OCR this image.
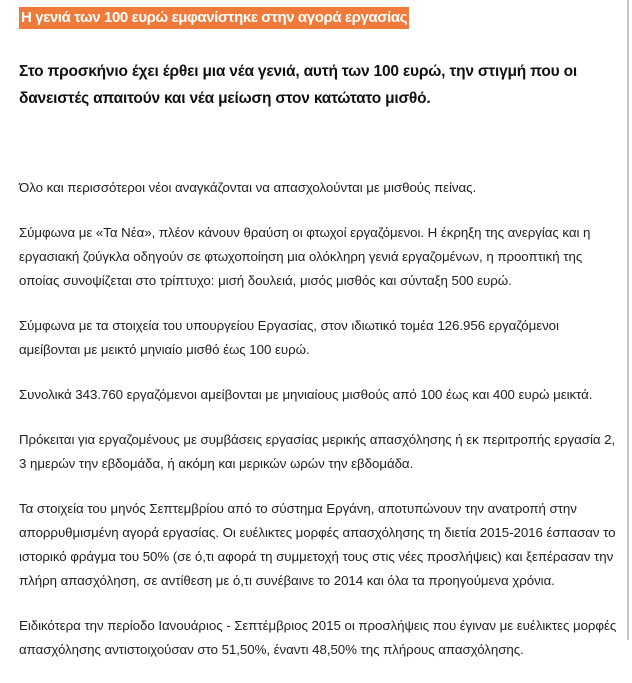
Η γενιά των 100 ευρώ εμφανίστηκε στην αγορά εργασίας

Στο προσκήνιο έχει έρθει μια νέα γενιά, αυτή των 100 ευρώ, την στιγμή που οι δανειστές απαιτούν και νέα μείωση στον κατώτατο μισθό.

Όλο και περισσότεροι νέοι αναγκάζονται να απασχολούνται με μισθούς πείνας.

Σύμφωνα με «Τα Νέα», πλέον κάνουν θραύση οι φτωχοί εργαζόμενοι. Η έκρηξη της ανεργίας και η εργασιακή ζούγκλα οδηγούν σε φτωχοποίηση μια ολόκληρη γενιά εργαζομένων, η προοπτική της οποίας συνοψίζεται στο τρίπτυχο: μισή δουλειά, μισός μισθός και σύνταξη 500 ευρώ.

Σύμφωνα με τα στοιχεία του υπουργείου Εργασίας, στον ιδιωτικό τομέα 126.956 εργαζόμενοι αμείβονται με μεικτό μηνιαίο μισθό έως 100 ευρώ.

Συνολικά 343.760 εργαζόμενοι αμείβονται με μηνιαίους μισθούς από 100 έως και 400 ευρώ μεικτά.

Πρόκειται για εργαζομένους με συμβάσεις εργασίας μερικής απασχόλησης ή εκ περιτροπής εργασία 2, 3 ημερών την εβδομάδα, ή ακόμη και μερικών ωρών την εβδομάδα.

Τα στοιχεία του μηνός Σεπτεμβρίου από το σύστημα Εργάνη, αποτυπώνουν την ανατροπή στην απορρυθμισμένη αγορά εργασίας. Οι ευέλικτες μορφές απασχόλησης τη διετία 2015-2016 έσπασαν το ιστορικό φράγμα του 50% (σε ό,τι αφορά τη συμμετοχή τους στις νέες προσλήψεις) και ξεπέρασαν την πλήρη απασχόληση, σε αντίθεση με ό,τι συνέβαινε το 2014 και όλα τα προηγούμενα χρόνια.

Ειδικότερα την περίοδο Ιανουάριος - Σεπτέμβριος 2015 οι προσλήψεις που έγιναν με ευέλικτες μορφές απασχόλησης αντιστοιχούσαν στο 51,50%, έναντι 48,50% της πλήρους απασχόλησης.
